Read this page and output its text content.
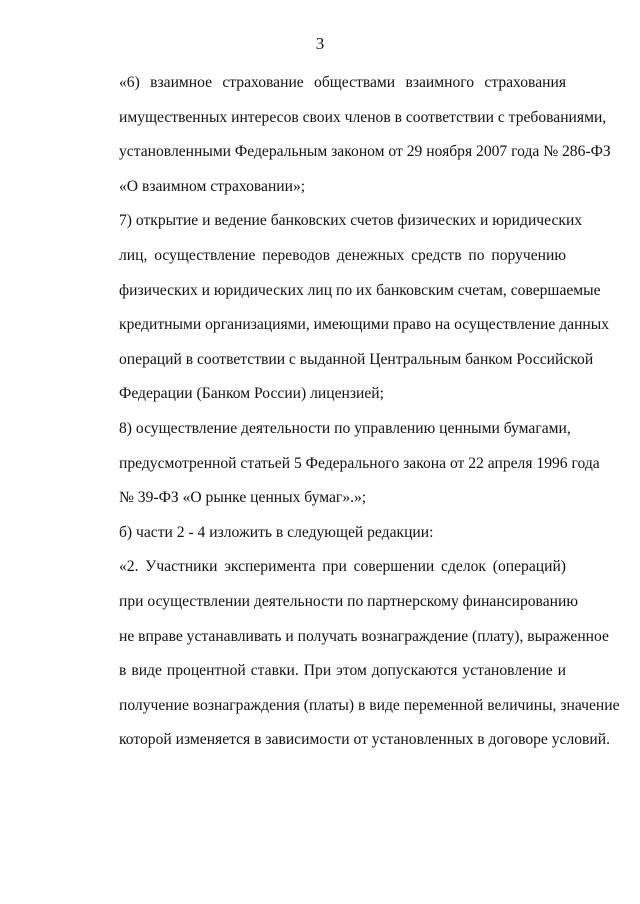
3

«6) взаимное страхование обществами взаимного страхования
имущественных интересов своих членов в соответствии с требованиями,
установленными Федеральным законом от 29 ноября 2007 года № 286-ФЗ
«О взаимном страховании»;

7) открытие и ведение банковских счетов физических и юридических
лиц, осуществление переводов денежных средств по поручению
физических и юридических лиц по их банковским счетам, совершаемые
кредитными организациями, имеющими право на осуществление данных
операций в соответствии с выданной Центральным банком Российской
Федерации (Банком России) лицензией;

8) осуществление деятельности по управлению ценными бумагами,
предусмотренной статьей 5 Федерального закона от 22 апреля 1996 года
№ 39-ФЗ «О рынке ценных бумаг».»;

б) части 2 - 4 изложить в следующей редакции:

«2. Участники эксперимента при совершении сделок (операций)
при осуществлении деятельности по партнерскому финансированию
не вправе устанавливать и получать вознаграждение (плату), выраженное
в виде процентной ставки. При этом допускаются установление и
получение вознаграждения (платы) в виде переменной величины, значение
которой изменяется в зависимости от установленных в договоре условий.
